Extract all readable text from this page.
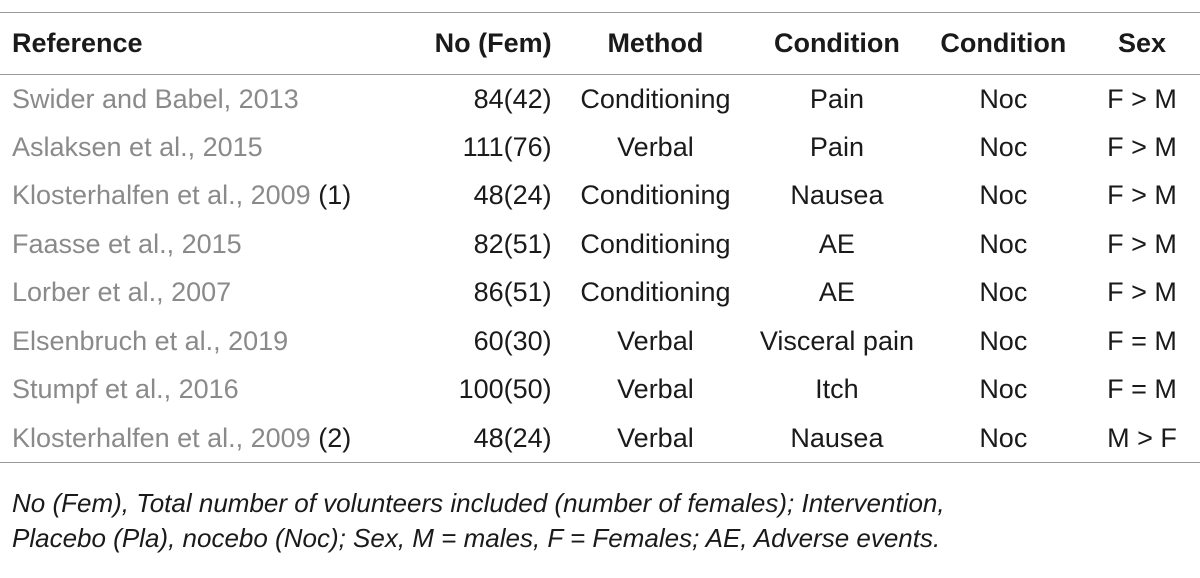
Reference	No (Fem)	Method	Condition	Condition	Sex
Swider and Babel, 2013	84(42)	Conditioning	Pain	Noc	F > M
Aslaksen et al., 2015	111(76)	Verbal	Pain	Noc	F > M
Klosterhalfen et al., 2009 (1)	48(24)	Conditioning	Nausea	Noc	F > M
Faasse et al., 2015	82(51)	Conditioning	AE	Noc	F > M
Lorber et al., 2007	86(51)	Conditioning	AE	Noc	F > M
Elsenbruch et al., 2019	60(30)	Verbal	Visceral pain	Noc	F = M
Stumpf et al., 2016	100(50)	Verbal	Itch	Noc	F = M
Klosterhalfen et al., 2009 (2)	48(24)	Verbal	Nausea	Noc	M > F
No (Fem), Total number of volunteers included (number of females); Intervention,
Placebo (Pla), nocebo (Noc); Sex, M = males, F = Females; AE, Adverse events.
